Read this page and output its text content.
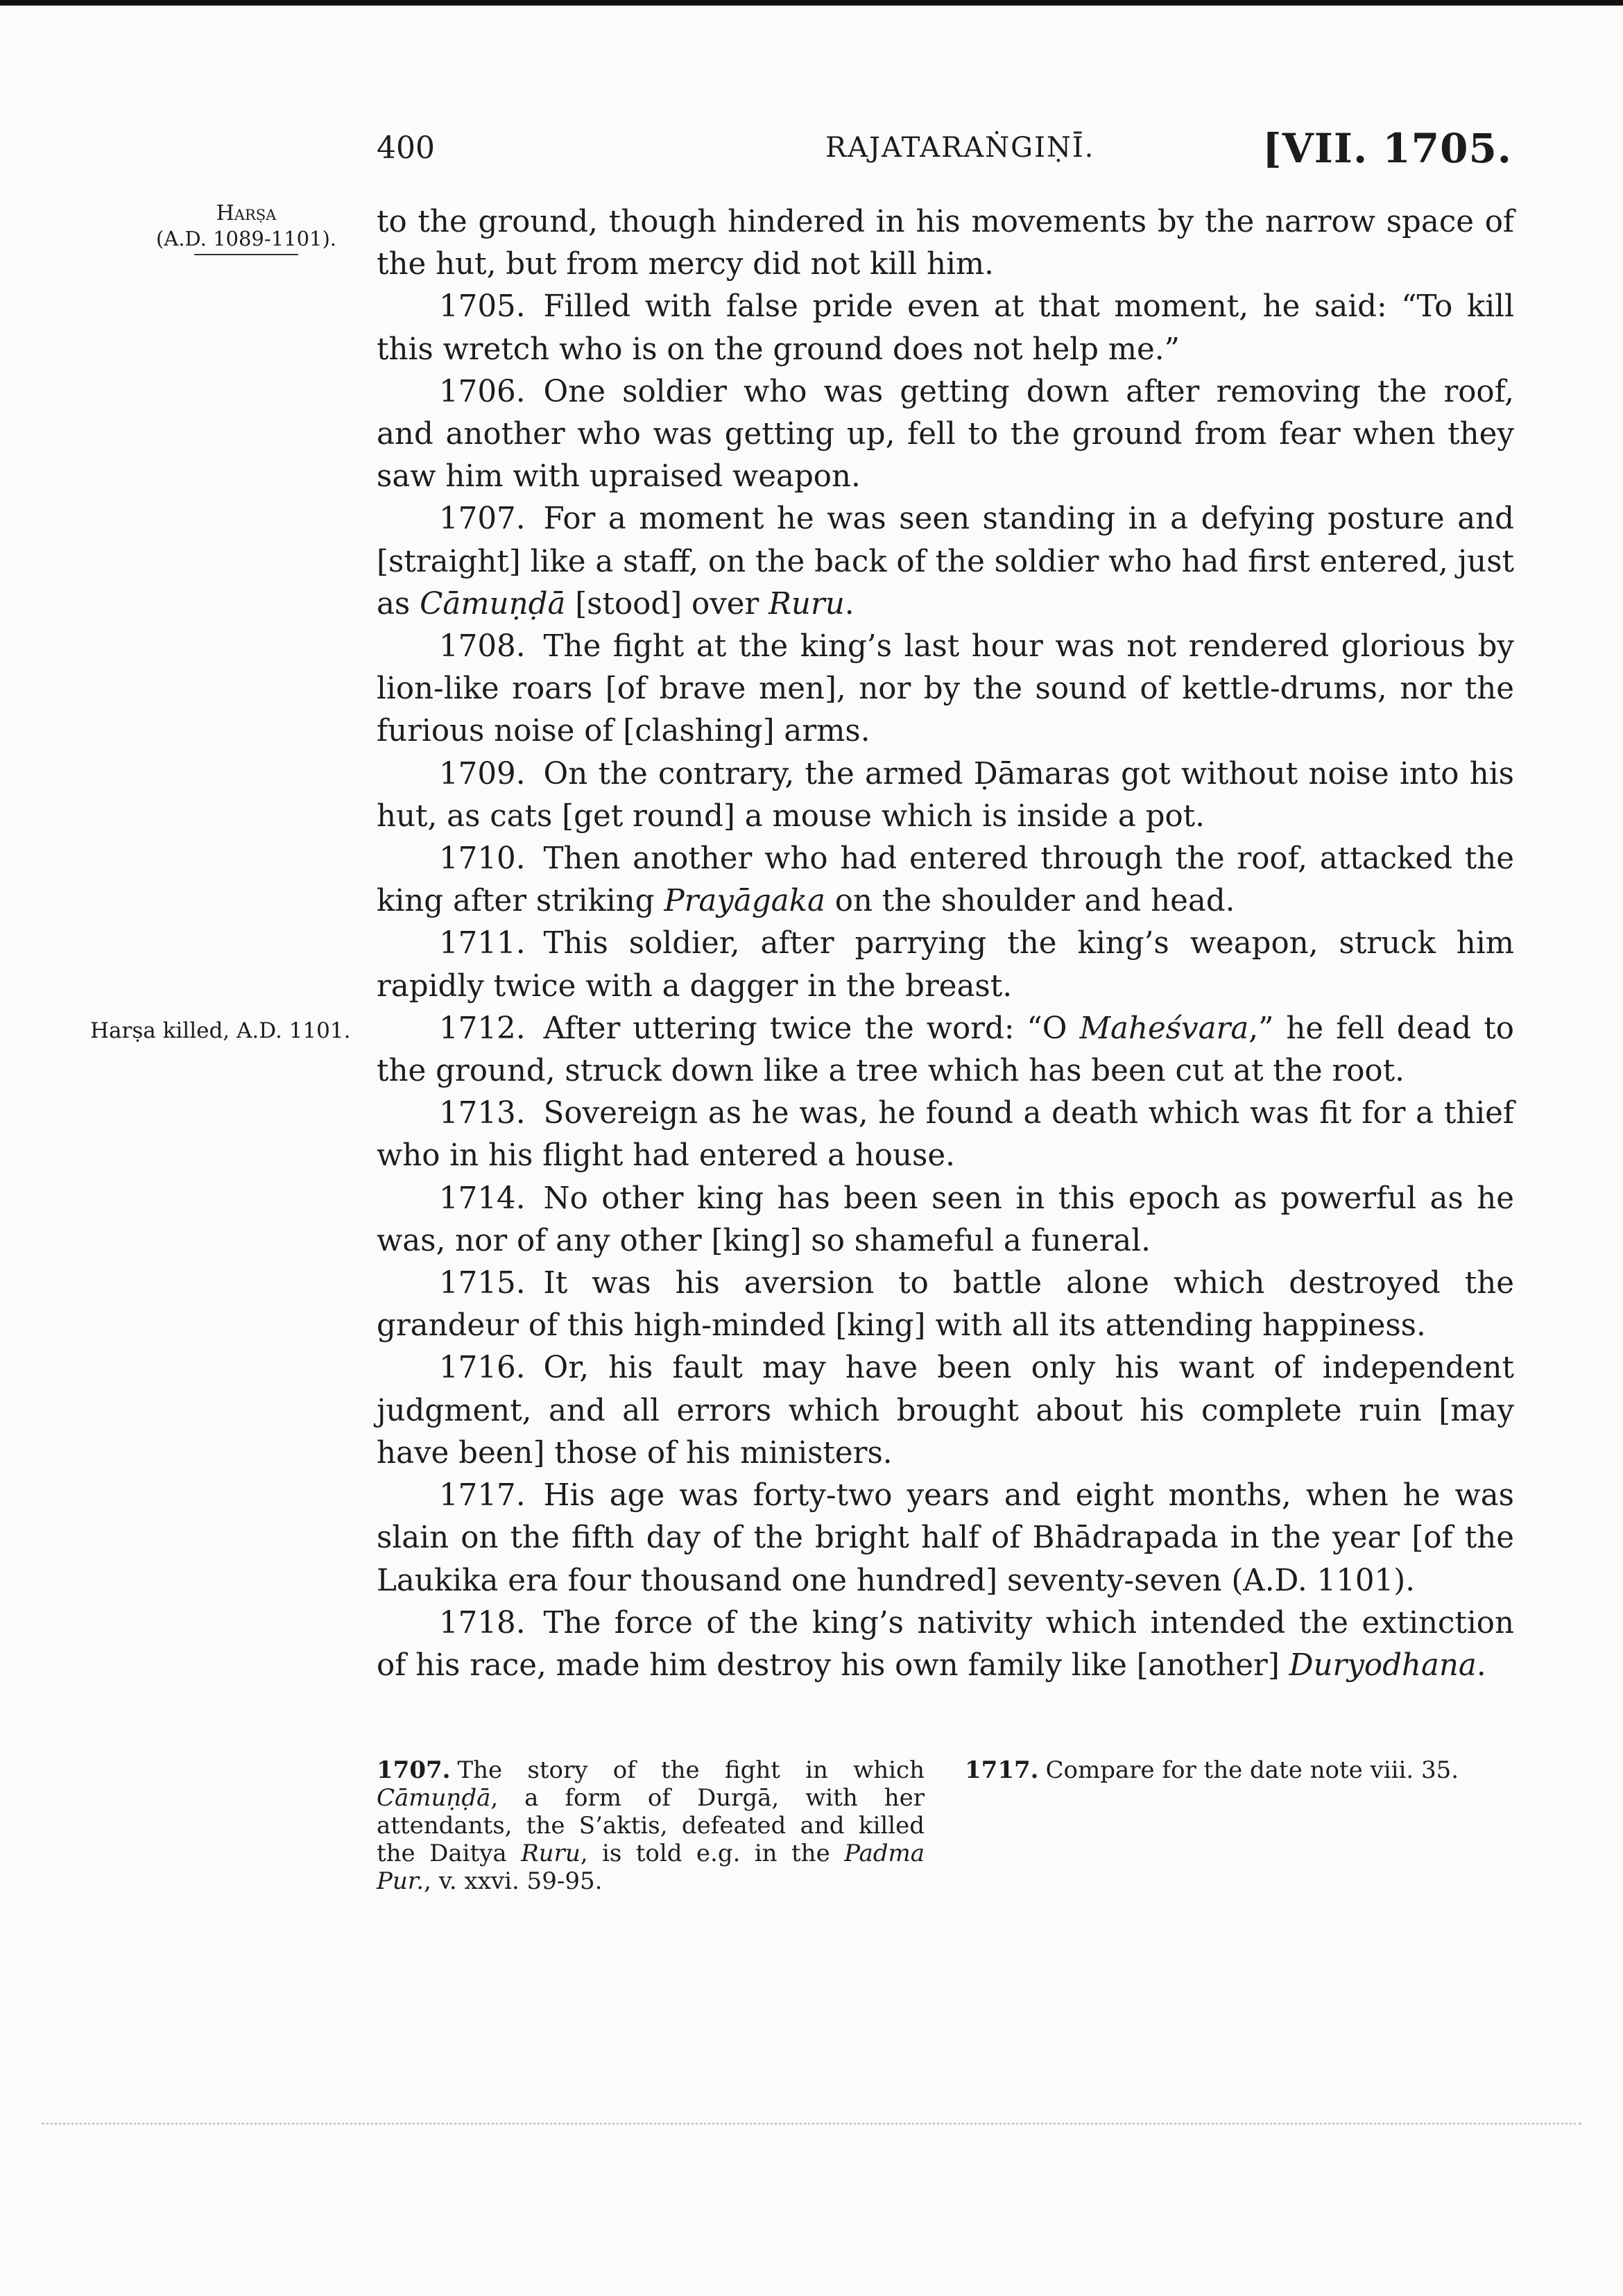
400	RAJATARAṄGIṆĪ.	[VII. 1705.
Harṣa
(A.D. 1089-1101).
Harṣa killed, A.D. 1101.

to the ground, though hindered in his movements by the narrow space of the hut, but from mercy did not kill him.

1705. Filled with false pride even at that moment, he said: “To kill this wretch who is on the ground does not help me.”

1706. One soldier who was getting down after removing the roof, and another who was getting up, fell to the ground from fear when they saw him with upraised weapon.

1707. For a moment he was seen standing in a defying posture and [straight] like a staff, on the back of the soldier who had first entered, just as Cāmuṇḍā [stood] over Ruru.

1708. The fight at the king’s last hour was not rendered glorious by lion-like roars [of brave men], nor by the sound of kettle-drums, nor the furious noise of [clashing] arms.

1709. On the contrary, the armed Ḍāmaras got without noise into his hut, as cats [get round] a mouse which is inside a pot.

1710. Then another who had entered through the roof, attacked the king after striking Prayāgaka on the shoulder and head.

1711. This soldier, after parrying the king’s weapon, struck him rapidly twice with a dagger in the breast.

1712. After uttering twice the word: “O Maheśvara,” he fell dead to the ground, struck down like a tree which has been cut at the root.

1713. Sovereign as he was, he found a death which was fit for a thief who in his flight had entered a house.

1714. No other king has been seen in this epoch as powerful as he was, nor of any other [king] so shameful a funeral.

1715. It was his aversion to battle alone which destroyed the grandeur of this high-minded [king] with all its attending happiness.

1716. Or, his fault may have been only his want of independent judgment, and all errors which brought about his complete ruin [may have been] those of his ministers.

1717. His age was forty-two years and eight months, when he was slain on the fifth day of the bright half of Bhādrapada in the year [of the Laukika era four thousand one hundred] seventy-seven (A.D. 1101).

1718. The force of the king’s nativity which intended the extinction of his race, made him destroy his own family like [another] Duryodhana.

1707. The story of the fight in which Cāmuṇḍā, a form of Durgā, with her attendants, the S’aktis, defeated and killed the Daitya Ruru, is told e.g. in the Padma Pur., v. xxvi. 59-95.

1717. Compare for the date note viii. 35.
